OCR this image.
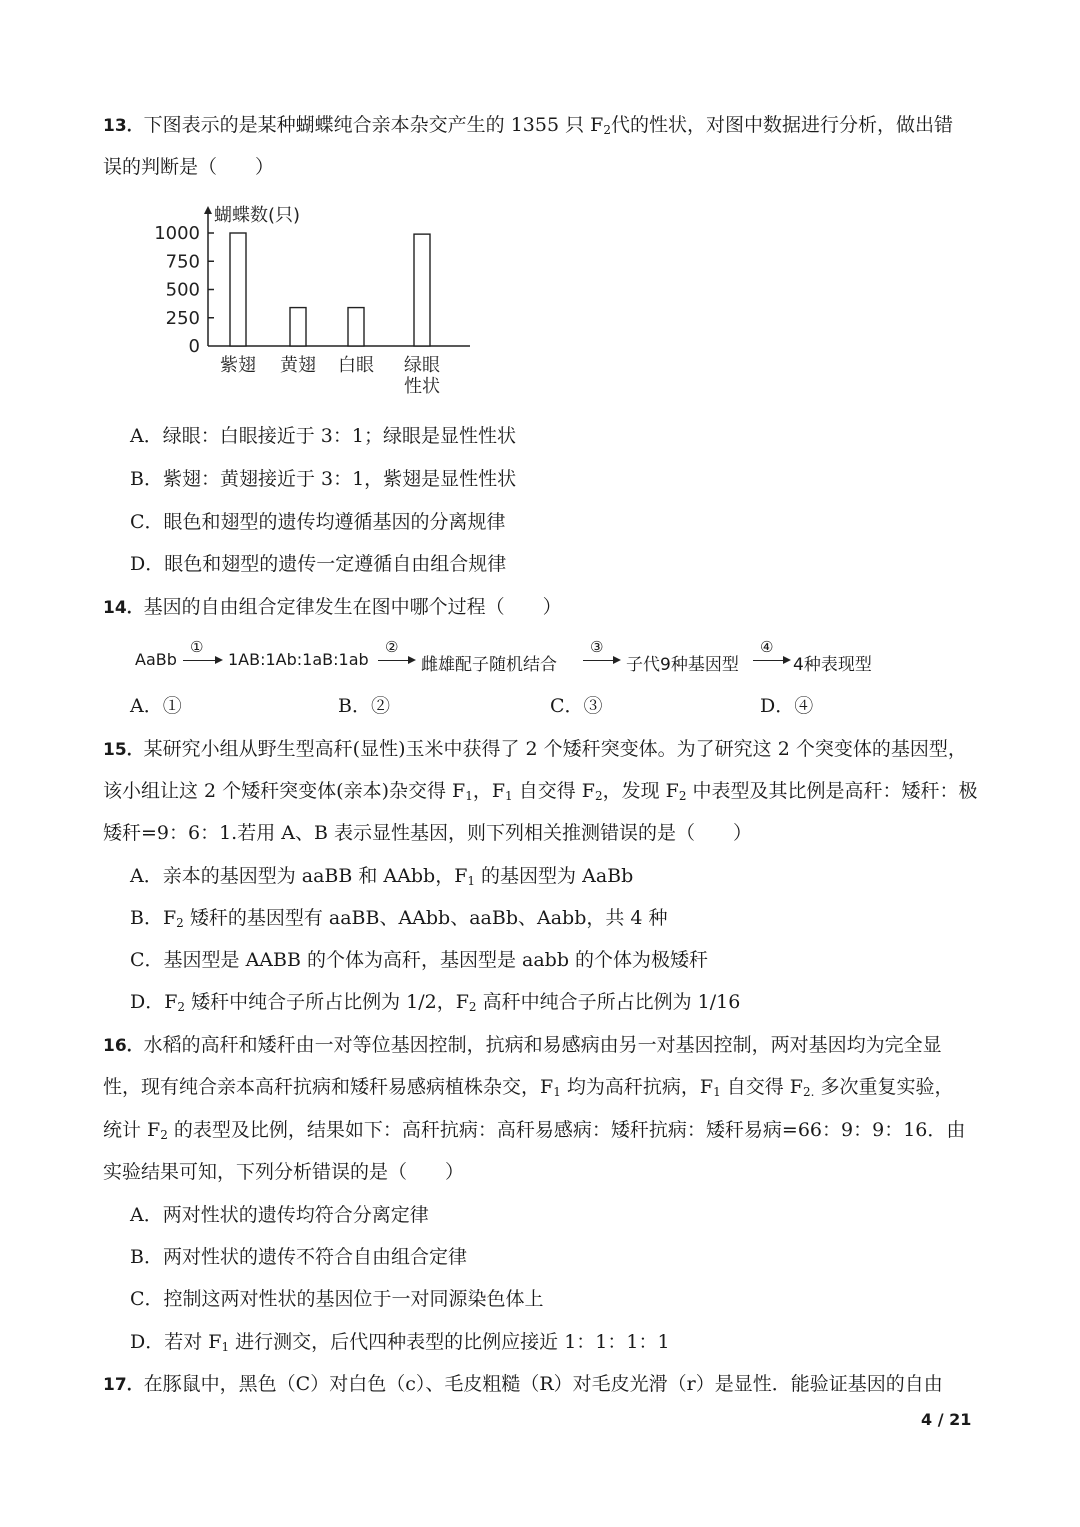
13．下图表示的是某种蝴蝶纯合亲本杂交产生的 1355 只 $F_2$代的性状，对图中数据进行分析，做出错
误的判断是（　　）
蝴蝶数(只)
1000
750
500
250
0
紫翅 黄翅 白眼 绿眼
性状
A．绿眼：白眼接近于 3：1；绿眼是显性性状
B．紫翅：黄翅接近于 3：1，紫翅是显性性状
C．眼色和翅型的遗传均遵循基因的分离规律
D．眼色和翅型的遗传一定遵循自由组合规律
14．基因的自由组合定律发生在图中哪个过程（　　）
AaBb
①
1AB:1Ab:1aB:1ab
②
雌雄配子随机结合
③
子代9种基因型
④
4种表现型
A．①	B．②	C．③	D．④
15．某研究小组从野生型高秆(显性)玉米中获得了 2 个矮秆突变体。为了研究这 2 个突变体的基因型，
该小组让这 2 个矮秆突变体(亲本)杂交得 $F_1$，$F_1$ 自交得 $F_2$，发现 $F_2$ 中表型及其比例是高秆：矮秆：极
矮秆=9：6：1.若用 A、B 表示显性基因，则下列相关推测错误的是（　　）
A．亲本的基因型为 aaBB 和 AAbb，$F_1$ 的基因型为 AaBb
B．$F_2$ 矮秆的基因型有 aaBB、AAbb、aaBb、Aabb，共 4 种
C．基因型是 AABB 的个体为高秆，基因型是 aabb 的个体为极矮秆
D．$F_2$ 矮秆中纯合子所占比例为 1/2，$F_2$ 高秆中纯合子所占比例为 1/16
16．水稻的高秆和矮秆由一对等位基因控制，抗病和易感病由另一对基因控制，两对基因均为完全显
性，现有纯合亲本高秆抗病和矮秆易感病植株杂交，$F_1$ 均为高秆抗病，$F_1$ 自交得 $F_{2.}$ 多次重复实验，
统计 $F_2$ 的表型及比例，结果如下：高秆抗病：高秆易感病：矮秆抗病：矮秆易病=66：9：9：16．由
实验结果可知，下列分析错误的是（　　）
A．两对性状的遗传均符合分离定律
B．两对性状的遗传不符合自由组合定律
C．控制这两对性状的基因位于一对同源染色体上
D．若对 $F_1$ 进行测交，后代四种表型的比例应接近 1：1：1：1
17．在豚鼠中，黑色（C）对白色（c）、毛皮粗糙（R）对毛皮光滑（r）是显性．能验证基因的自由
4 / 21
